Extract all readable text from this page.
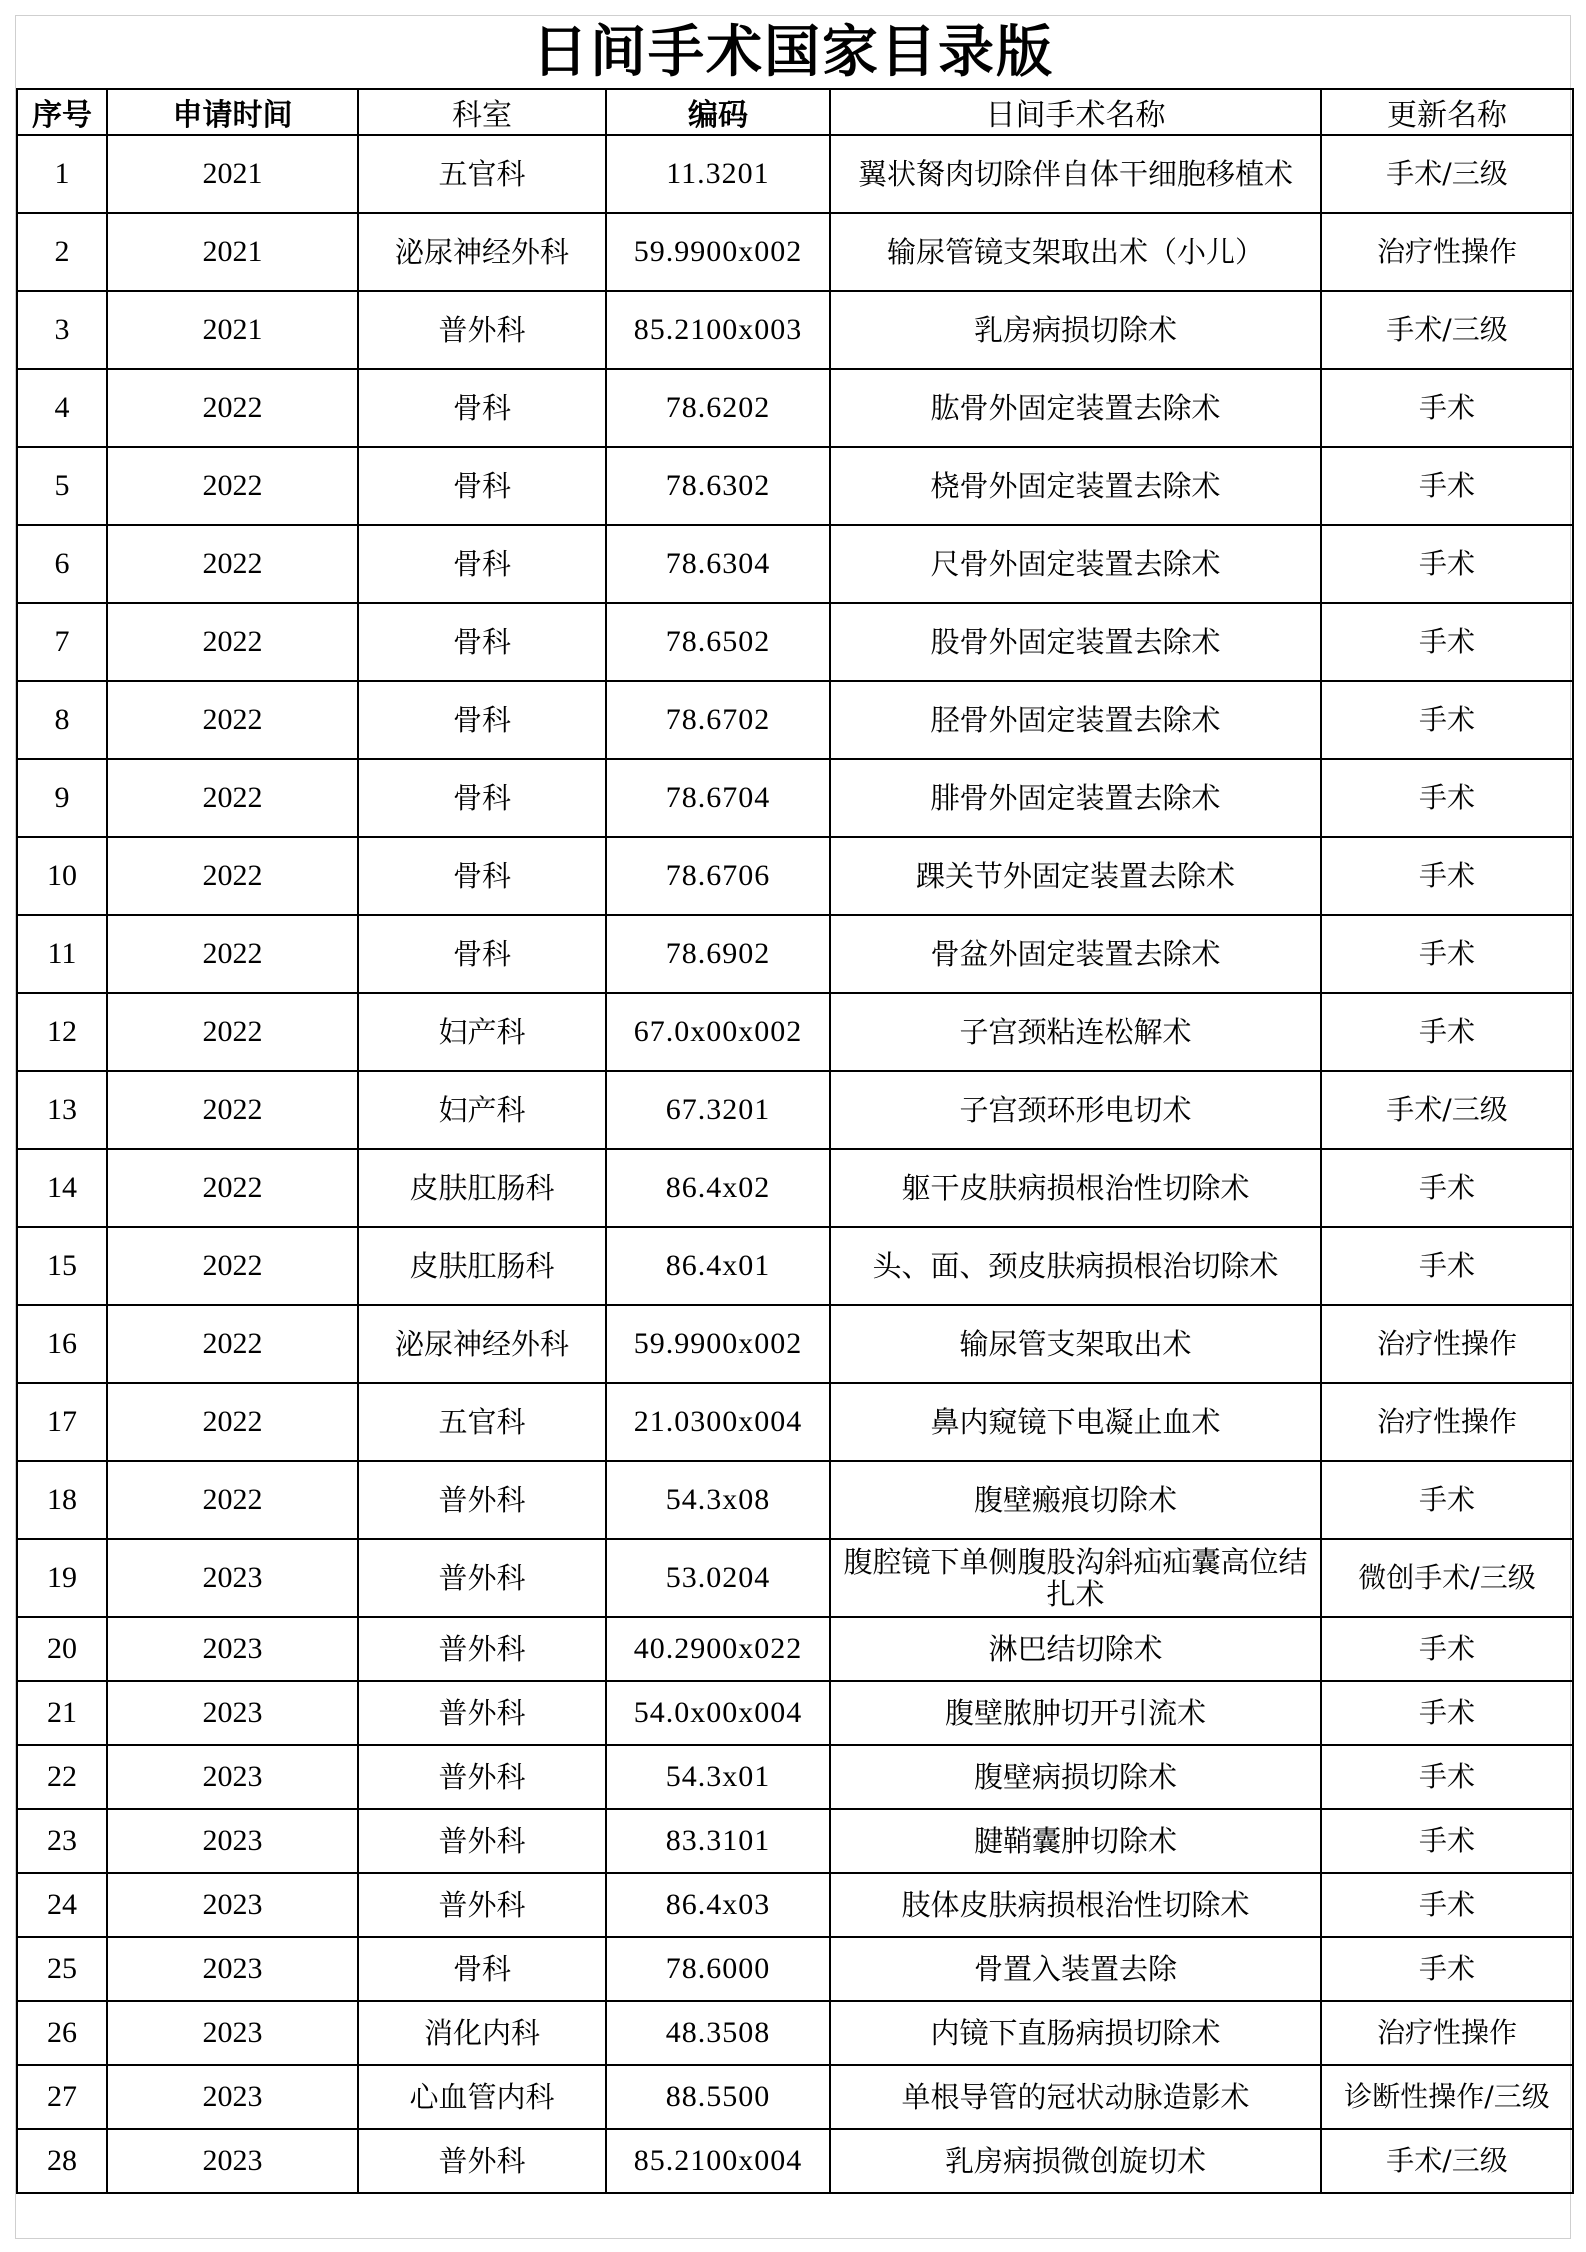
日间手术国家目录版
序号	申请时间	科室	编码	日间手术名称	更新名称
1	2021	五官科	11.3201	翼状胬肉切除伴自体干细胞移植术	手术/三级
2	2021	泌尿神经外科	59.9900x002	输尿管镜支架取出术（小儿）	治疗性操作
3	2021	普外科	85.2100x003	乳房病损切除术	手术/三级
4	2022	骨科	78.6202	肱骨外固定装置去除术	手术
5	2022	骨科	78.6302	桡骨外固定装置去除术	手术
6	2022	骨科	78.6304	尺骨外固定装置去除术	手术
7	2022	骨科	78.6502	股骨外固定装置去除术	手术
8	2022	骨科	78.6702	胫骨外固定装置去除术	手术
9	2022	骨科	78.6704	腓骨外固定装置去除术	手术
10	2022	骨科	78.6706	踝关节外固定装置去除术	手术
11	2022	骨科	78.6902	骨盆外固定装置去除术	手术
12	2022	妇产科	67.0x00x002	子宫颈粘连松解术	手术
13	2022	妇产科	67.3201	子宫颈环形电切术	手术/三级
14	2022	皮肤肛肠科	86.4x02	躯干皮肤病损根治性切除术	手术
15	2022	皮肤肛肠科	86.4x01	头、面、颈皮肤病损根治切除术	手术
16	2022	泌尿神经外科	59.9900x002	输尿管支架取出术	治疗性操作
17	2022	五官科	21.0300x004	鼻内窥镜下电凝止血术	治疗性操作
18	2022	普外科	54.3x08	腹壁瘢痕切除术	手术
19	2023	普外科	53.0204	腹腔镜下单侧腹股沟斜疝疝囊高位结扎术	微创手术/三级
20	2023	普外科	40.2900x022	淋巴结切除术	手术
21	2023	普外科	54.0x00x004	腹壁脓肿切开引流术	手术
22	2023	普外科	54.3x01	腹壁病损切除术	手术
23	2023	普外科	83.3101	腱鞘囊肿切除术	手术
24	2023	普外科	86.4x03	肢体皮肤病损根治性切除术	手术
25	2023	骨科	78.6000	骨置入装置去除	手术
26	2023	消化内科	48.3508	内镜下直肠病损切除术	治疗性操作
27	2023	心血管内科	88.5500	单根导管的冠状动脉造影术	诊断性操作/三级
28	2023	普外科	85.2100x004	乳房病损微创旋切术	手术/三级
